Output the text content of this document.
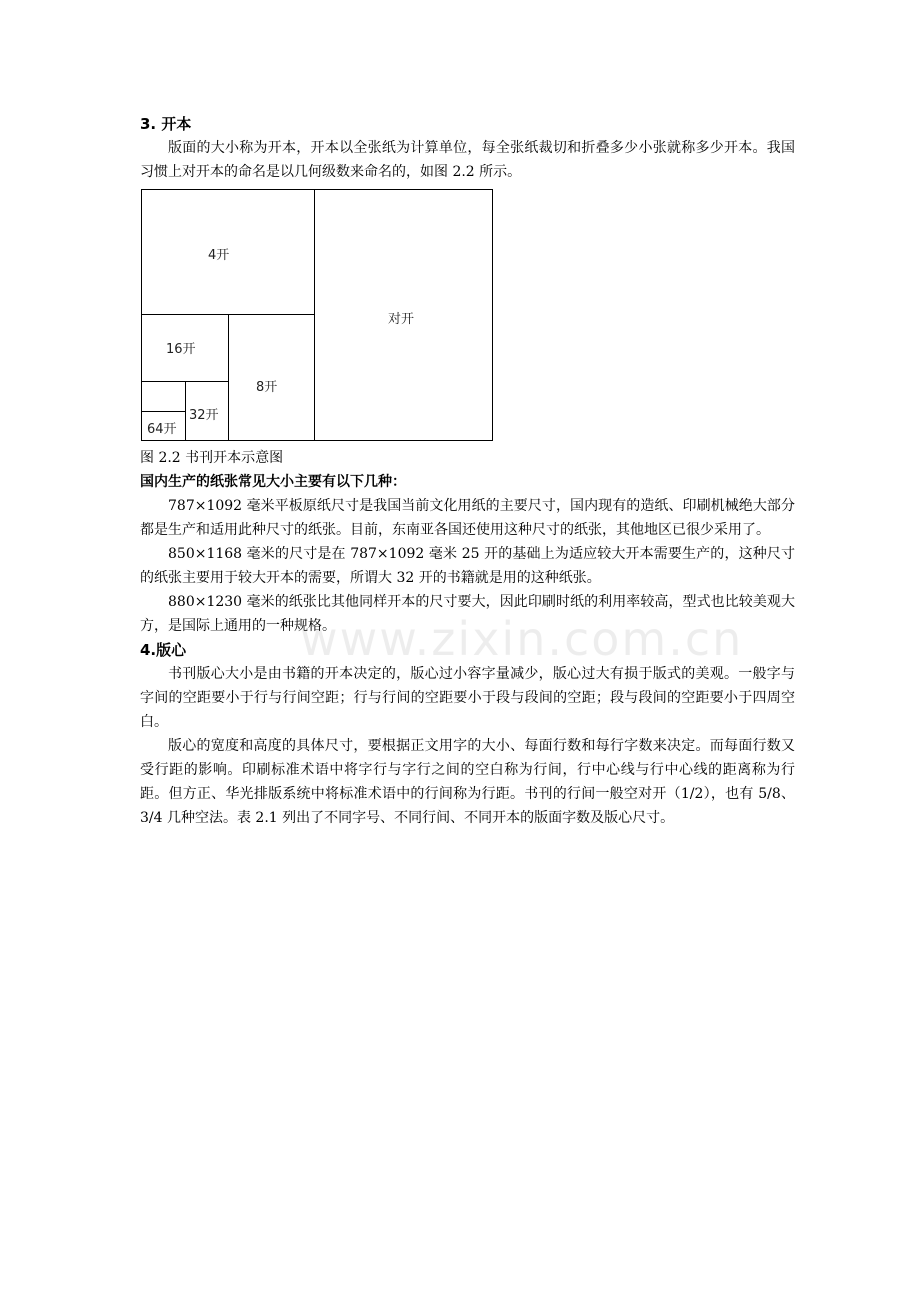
www.zixin.com.cn
3. 开本

版面的大小称为开本，开本以全张纸为计算单位，每全张纸裁切和折叠多少小张就称多少开本。我国习惯上对开本的命名是以几何级数来命名的，如图 2.2 所示。

4开
对开
16开
8开
32开
64开
图 2.2 书刊开本示意图
国内生产的纸张常见大小主要有以下几种：

787×1092 毫米平板原纸尺寸是我国当前文化用纸的主要尺寸，国内现有的造纸、印刷机械绝大部分都是生产和适用此种尺寸的纸张。目前，东南亚各国还使用这种尺寸的纸张，其他地区已很少采用了。

850×1168 毫米的尺寸是在 787×1092 毫米 25 开的基础上为适应较大开本需要生产的，这种尺寸的纸张主要用于较大开本的需要，所谓大 32 开的书籍就是用的这种纸张。

880×1230 毫米的纸张比其他同样开本的尺寸要大，因此印刷时纸的利用率较高，型式也比较美观大方，是国际上通用的一种规格。

4.版心

书刊版心大小是由书籍的开本决定的，版心过小容字量减少，版心过大有损于版式的美观。一般字与字间的空距要小于行与行间空距；行与行间的空距要小于段与段间的空距；段与段间的空距要小于四周空白。

版心的宽度和高度的具体尺寸，要根据正文用字的大小、每面行数和每行字数来决定。而每面行数又受行距的影响。印刷标准术语中将字行与字行之间的空白称为行间，行中心线与行中心线的距离称为行距。但方正、华光排版系统中将标准术语中的行间称为行距。书刊的行间一般空对开（1/2），也有 5/8、3/4 几种空法。表 2.1 列出了不同字号、不同行间、不同开本的版面字数及版心尺寸。
